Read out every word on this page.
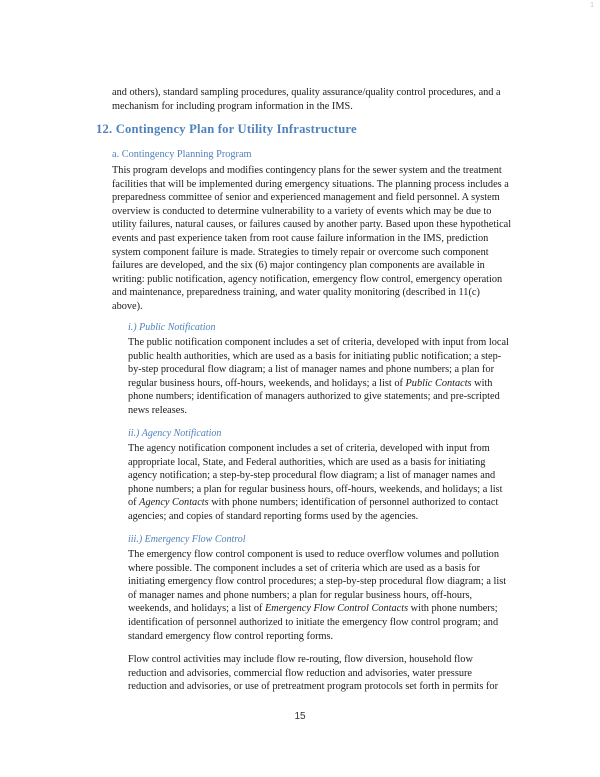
1

and others), standard sampling procedures, quality assurance/quality control procedures, and a mechanism for including program information in the IMS.

12. Contingency Plan for Utility Infrastructure
a. Contingency Planning Program

This program develops and modifies contingency plans for the sewer system and the treatment facilities that will be implemented during emergency situations. The planning process includes a preparedness committee of senior and experienced management and field personnel. A system overview is conducted to determine vulnerability to a variety of events which may be due to utility failures, natural causes, or failures caused by another party. Based upon these hypothetical events and past experience taken from root cause failure information in the IMS, prediction system component failure is made. Strategies to timely repair or overcome such component failures are developed, and the six (6) major contingency plan components are available in writing: public notification, agency notification, emergency flow control, emergency operation and maintenance, preparedness training, and water quality monitoring (described in 11(c) above).

i.) Public Notification

The public notification component includes a set of criteria, developed with input from local public health authorities, which are used as a basis for initiating public notification; a step-by-step procedural flow diagram; a list of manager names and phone numbers; a plan for regular business hours, off-hours, weekends, and holidays; a list of Public Contacts with phone numbers; identification of managers authorized to give statements; and pre-scripted news releases.

ii.) Agency Notification

The agency notification component includes a set of criteria, developed with input from appropriate local, State, and Federal authorities, which are used as a basis for initiating agency notification; a step-by-step procedural flow diagram; a list of manager names and phone numbers; a plan for regular business hours, off-hours, weekends, and holidays; a list of Agency Contacts with phone numbers; identification of personnel authorized to contact agencies; and copies of standard reporting forms used by the agencies.

iii.) Emergency Flow Control

The emergency flow control component is used to reduce overflow volumes and pollution where possible. The component includes a set of criteria which are used as a basis for initiating emergency flow control procedures; a step-by-step procedural flow diagram; a list of manager names and phone numbers; a plan for regular business hours, off-hours, weekends, and holidays; a list of Emergency Flow Control Contacts with phone numbers; identification of personnel authorized to initiate the emergency flow control program; and standard emergency flow control reporting forms.

Flow control activities may include flow re-routing, flow diversion, household flow reduction and advisories, commercial flow reduction and advisories, water pressure reduction and advisories, or use of pretreatment program protocols set forth in permits for

15
